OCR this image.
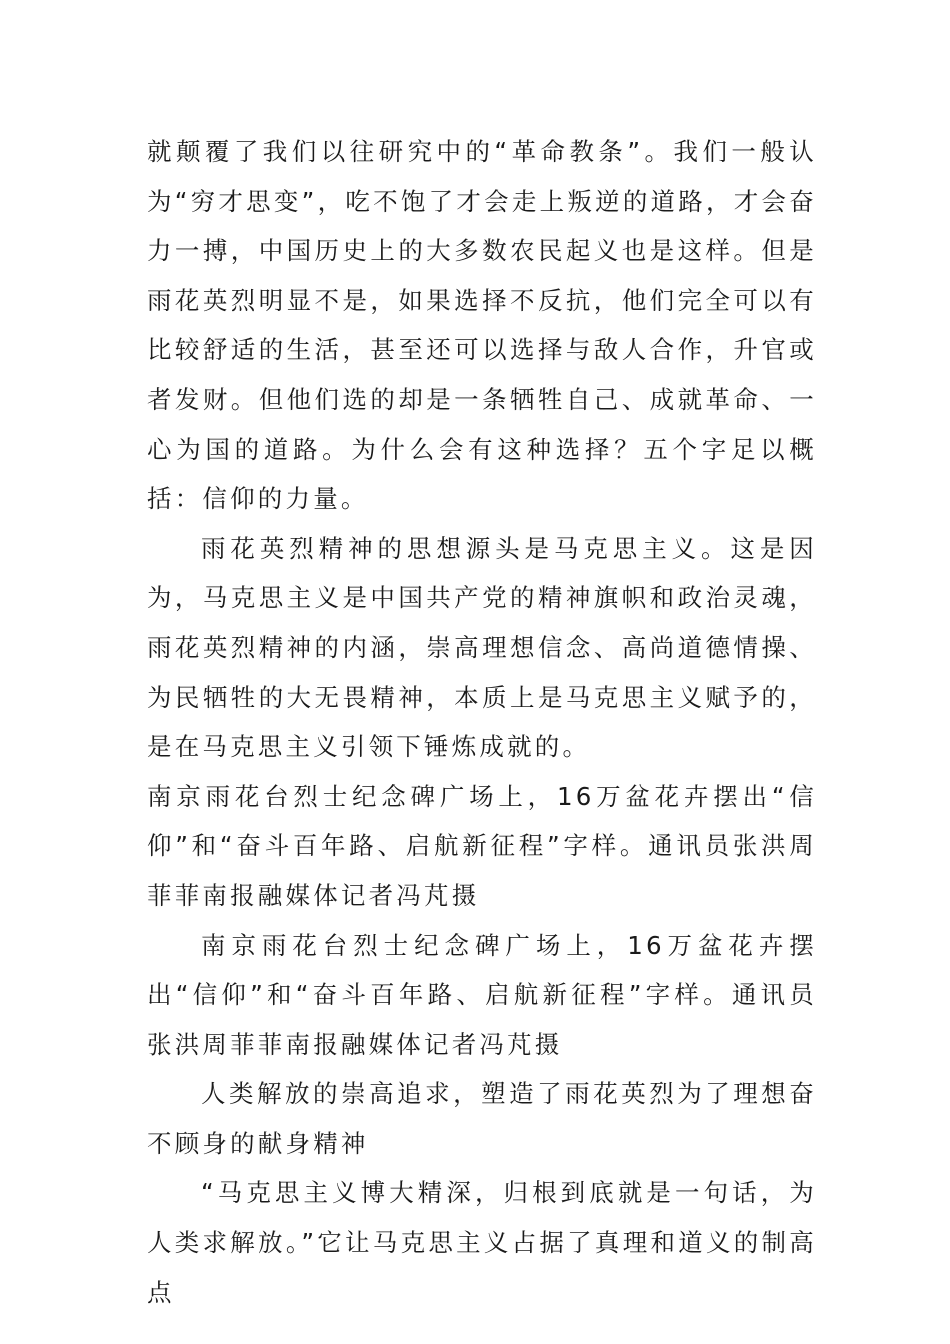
就颠覆了我们以往研究中的“革命教条”。我们一般认为“穷才思变”，吃不饱了才会走上叛逆的道路，才会奋力一搏，中国历史上的大多数农民起义也是这样。但是雨花英烈明显不是，如果选择不反抗，他们完全可以有比较舒适的生活，甚至还可以选择与敌人合作，升官或者发财。但他们选的却是一条牺牲自己、成就革命、一心为国的道路。为什么会有这种选择？五个字足以概括：信仰的力量。

雨花英烈精神的思想源头是马克思主义。这是因为，马克思主义是中国共产党的精神旗帜和政治灵魂，雨花英烈精神的内涵，崇高理想信念、高尚道德情操、为民牺牲的大无畏精神，本质上是马克思主义赋予的，是在马克思主义引领下锤炼成就的。

南京雨花台烈士纪念碑广场上，16万盆花卉摆出“信仰”和“奋斗百年路、启航新征程”字样。通讯员张洪周菲菲南报融媒体记者冯芃摄

南京雨花台烈士纪念碑广场上，16万盆花卉摆出“信仰”和“奋斗百年路、启航新征程”字样。通讯员张洪周菲菲南报融媒体记者冯芃摄

人类解放的崇高追求，塑造了雨花英烈为了理想奋不顾身的献身精神

“马克思主义博大精深，归根到底就是一句话，为人类求解放。”它让马克思主义占据了真理和道义的制高点
